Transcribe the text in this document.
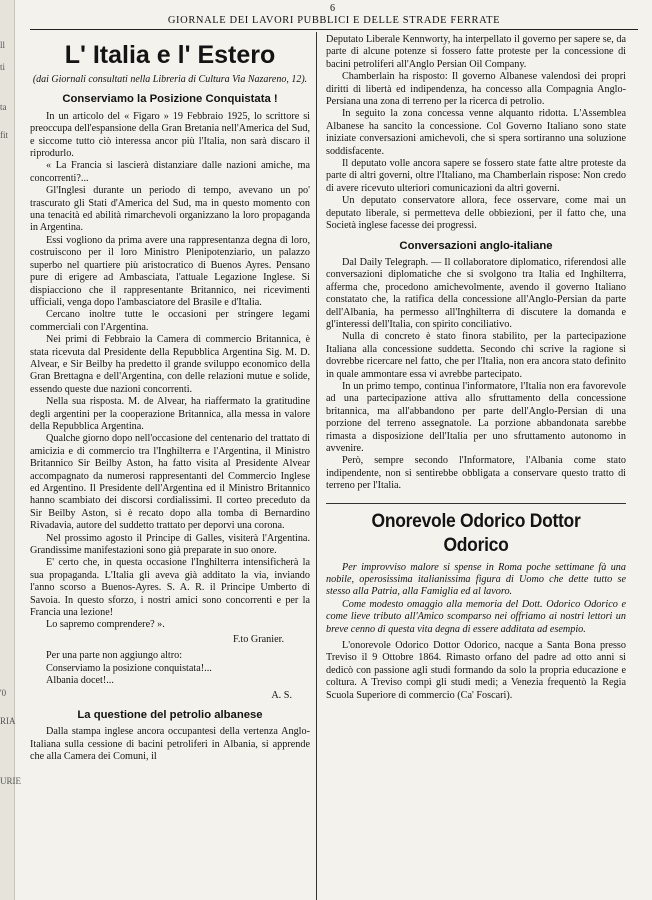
ll
ti
ta
fit
'0
RIA
URIE
6
GIORNALE DEI LAVORI PUBBLICI E DELLE STRADE FERRATE
L' Italia e l' Estero
(dai Giornali consultati nella Libreria di Cultura Via Nazareno, 12).
Conserviamo la Posizione Conquistata !

In un articolo del « Figaro » 19 Febbraio 1925, lo scrittore si preoccupa dell'espansione della Gran Bretania nell'America del Sud, e siccome tutto ciò interessa ancor più l'Italia, non sarà discaro il riprodurlo.

« La Francia si lascierà distanziare dalle nazioni amiche, ma concorrenti?...

Gl'Inglesi durante un periodo di tempo, avevano un po' trascurato gli Stati d'America del Sud, ma in questo momento con una tenacità ed abilità rimarchevoli organizzano la loro propaganda in Argentina.

Essi vogliono da prima avere una rappresentanza degna di loro, costruiscono per il loro Ministro Plenipotenziario, un palazzo superbo nel quartiere più aristocratico di Buenos Ayres. Pensano pure di erigere ad Ambasciata, l'attuale Legazione Inglese. Si dispiacciono che il rappresentante Britannico, nei ricevimenti ufficiali, venga dopo l'ambasciatore del Brasile e d'Italia.

Cercano inoltre tutte le occasioni per stringere legami commerciali con l'Argentina.

Nei primi di Febbraio la Camera di commercio Britannica, è stata ricevuta dal Presidente della Repubblica Argentina Sig. M. D. Alvear, e Sir Beilby ha predetto il grande sviluppo economico della Gran Brettagna e dell'Argentina, con delle relazioni mutue e solide, essendo queste due nazioni concorrenti.

Nella sua risposta. M. de Alvear, ha riaffermato la gratitudine degli argentini per la cooperazione Britannica, alla messa in valore della Repubblica Argentina.

Qualche giorno dopo nell'occasione del centenario del trattato di amicizia e di commercio tra l'Inghilterra e l'Argentina, il Ministro Britannico Sir Beilby Aston, ha fatto visita al Presidente Alvear accompagnato da numerosi rappresentanti del Commercio Inglese ed Argentino. Il Presidente dell'Argentina ed il Ministro Britannico hanno scambiato dei discorsi cordialissimi. Il corteo preceduto da Sir Beilby Aston, si è recato dopo alla tomba di Bernardino Rivadavia, autore del suddetto trattato per deporvi una corona.

Nel prossimo agosto il Principe di Galles, visiterà l'Argentina. Grandissime manifestazioni sono già preparate in suo onore.

E' certo che, in questa occasione l'Inghilterra intensificherà la sua propaganda. L'Italia gli aveva già additato la via, inviando l'anno scorso a Buenos-Ayres. S. A. R. il Principe Umberto di Savoia. In questo sforzo, i nostri amici sono concorrenti e per la Francia una lezione!

Lo sapremo comprendere? ».

F.to Granier.
Per una parte non aggiungo altro:
Conserviamo la posizione conquistata!...
Albania docet!...
A. S.
La questione del petrolio albanese

Dalla stampa inglese ancora occupantesi della vertenza Anglo-Italiana sulla cessione di bacini petroliferi in Albania, si apprende che alla Camera dei Comuni, il

Deputato Liberale Kennworty, ha interpellato il governo per sapere se, da parte di alcune potenze si fossero fatte proteste per la concessione di bacini petroliferi all'Anglo Persian Oil Company.

Chamberlain ha risposto: Il governo Albanese valendosi dei propri diritti di libertà ed indipendenza, ha concesso alla Compagnia Anglo-Persiana una zona di terreno per la ricerca di petrolio.

In seguito la zona concessa venne alquanto ridotta. L'Assemblea Albanese ha sancito la concessione. Col Governo Italiano sono state iniziate conversazioni amichevoli, che si spera sortiranno una soluzione soddisfacente.

Il deputato volle ancora sapere se fossero state fatte altre proteste da parte di altri governi, oltre l'Italiano, ma Chamberlain rispose: Non credo di avere ricevuto ulteriori comunicazioni da altri governi.

Un deputato conservatore allora, fece osservare, come mai un deputato liberale, si permetteva delle obbiezioni, per il fatto che, una Società inglese facesse dei progressi.

Conversazioni anglo-italiane

Dal Daily Telegraph. — Il collaboratore diplomatico, riferendosi alle conversazioni diplomatiche che si svolgono tra Italia ed Inghilterra, afferma che, procedono amichevolmente, avendo il governo Italiano constatato che, la ratifica della concessione all'Anglo-Persian da parte dell'Albania, ha permesso all'Inghilterra di discutere la domanda e gl'interessi dell'Italia, con spirito conciliativo.

Nulla di concreto è stato finora stabilito, per la partecipazione Italiana alla concessione suddetta. Secondo chi scrive la ragione si dovrebbe ricercare nel fatto, che per l'Italia, non era ancora stato definito in quale ammontare essa vi avrebbe partecipato.

In un primo tempo, continua l'informatore, l'Italia non era favorevole ad una partecipazione attiva allo sfruttamento della concessione britannica, ma all'abbandono per parte dell'Anglo-Persian di una porzione del terreno assegnatole. La porzione abbandonata sarebbe rimasta a disposizione dell'Italia per uno sfruttamento autonomo in avvenire.

Però, sempre secondo l'Informatore, l'Albania come stato indipendente, non si sentirebbe obbligata a conservare questo tratto di terreno per l'Italia.

Onorevole Odorico Dottor Odorico

Per improvviso malore si spense in Roma poche settimane fà una nobile, operosissima italianissima figura di Uomo che dette tutto se stesso alla Patria, alla Famiglia ed al lavoro.

Come modesto omaggio alla memoria del Dott. Odorico Odorico e come lieve tributo all'Amico scomparso nei offriamo ai nostri lettori un breve cenno di questa vita degna di essere additata ad esempio.

L'onorevole Odorico Dottor Odorico, nacque a Santa Bona presso Treviso il 9 Ottobre 1864. Rimasto orfano del padre ad otto anni si dedicò con passione agli studi formando da solo la propria educazione e coltura. A Treviso compì gli studi medi; a Venezia frequentò la Regia Scuola Superiore di commercio (Ca' Foscari).
